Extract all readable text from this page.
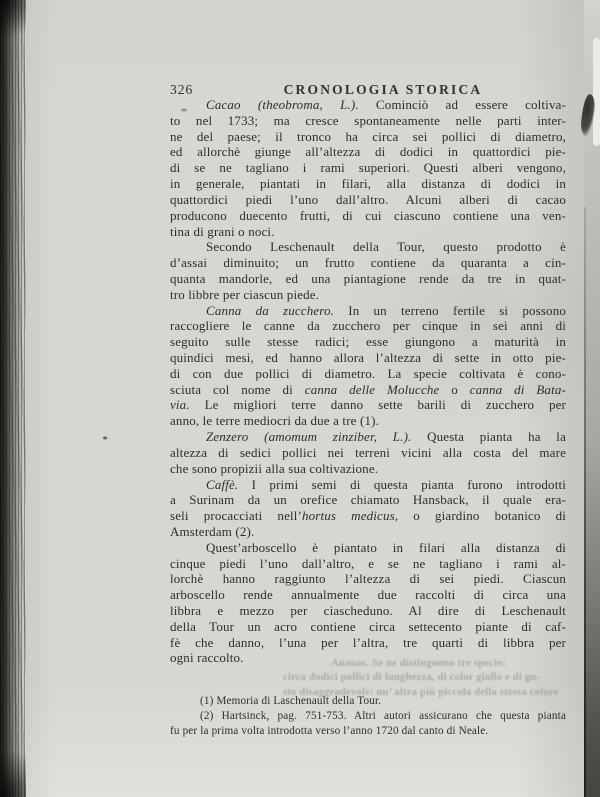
326	CRONOLOGIA STORICA
Cacao (theobroma, L.). Cominciò ad essere coltiva-
to nel 1733; ma cresce spontaneamente nelle parti inter-
ne del paese; il tronco ha circa sei pollici di diametro,
ed allorchè giunge all’altezza di dodici in quattordici pie-
di se ne tagliano i rami superiori. Questi alberi vengono,
in generale, piantati in filari, alla distanza di dodici in
quattordici piedi l’uno dall’altro. Alcuni alberi di cacao
producono duecento frutti, di cui ciascuno contiene una ven-
tina di grani o noci.
Secondo Leschenault della Tour, questo prodotto è
d’assai diminuito; un frutto contiene da quaranta a cin-
quanta mandorle, ed una piantagione rende da tre in quat-
tro libbre per ciascun piede.
Canna da zucchero. In un terreno fertile si possono
raccogliere le canne da zucchero per cinque in sei anni di
seguito sulle stesse radici; esse giungono a maturità in
quindici mesi, ed hanno allora l’altezza di sette in otto pie-
di con due pollici di diametro. La specie coltivata è cono-
sciuta col nome di canna delle Molucche o canna di Bata-
via. Le migliori terre danno sette barili di zucchero per
anno, le terre mediocri da due a tre (1).
Zenzero (amomum zinziber, L.). Questa pianta ha la
altezza di sedici pollici nei terreni vicini alla costa del mare
che sono propizii alla sua coltivazione.
Caffè. I primi semi di questa pianta furono introdotti
a Surinam da un orefice chiamato Hansback, il quale era-
seli procacciati nell’hortus medicus, o giardino botanico di
Amsterdam (2).
Quest’arboscello è piantato in filari alla distanza di
cinque piedi l’uno dall’altro, e se ne tagliano i rami al-
lorchè hanno raggiunto l’altezza di sei piedi. Ciascun
arboscello rende annualmente due raccolti di circa una
libbra e mezzo per ciascheduno. Al dire di Leschenault
della Tour un acro contiene circa settecento piante di caf-
fè che danno, l’una per l’altra, tre quarti di libbra per
ogni raccolto.	Ananas. Se ne distinguono tre specie:
circa dodici pollici di lunghezza, di color giallo e di gu-
sto disaggradevole: un’ altra più piccola della stessa colore
(1) Memoria di Laschenault della Tour.
(2) Hartsinck, pag. 751-753. Altri autori assicurano che questa pianta
fu per la prima volta introdotta verso l’anno 1720 dal canto di Neale.
